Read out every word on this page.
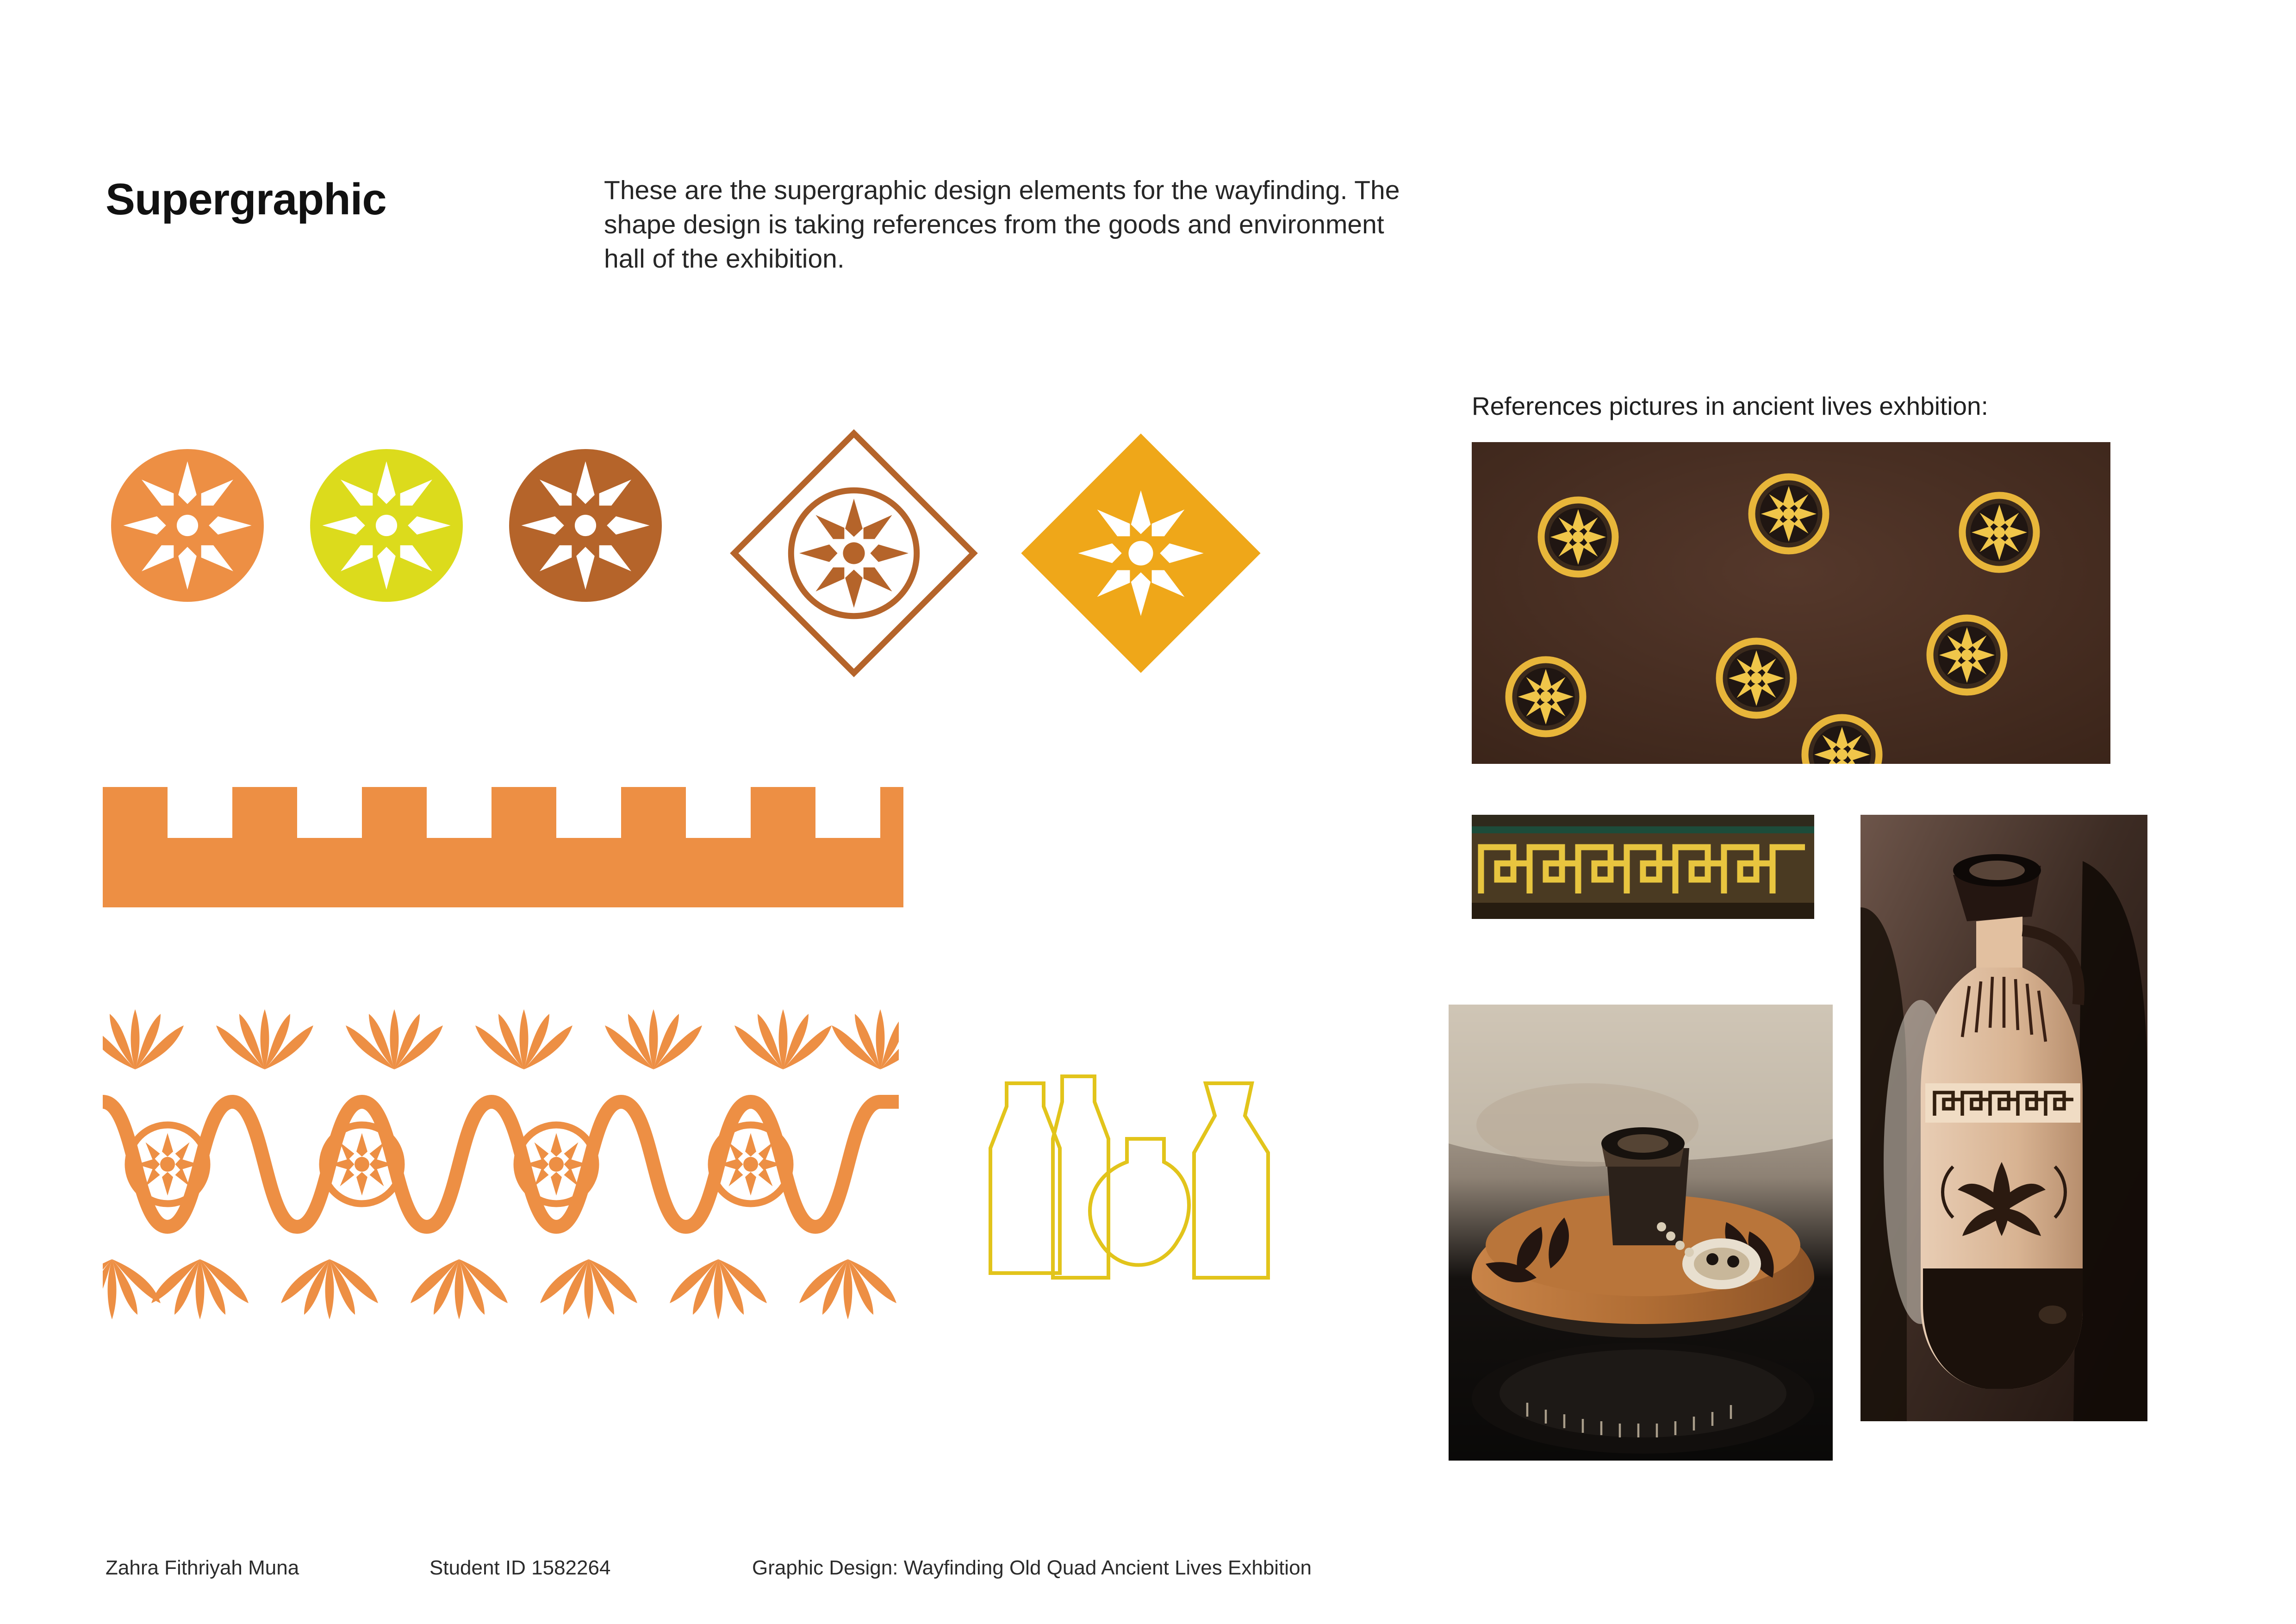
Supergraphic	These are the supergraphic design elements for the wayfinding. The shape design is taking references from the goods and environment hall of the exhibition.
References pictures in ancient lives exhbition:
Zahra Fithriyah Muna	Student ID 1582264	Graphic Design: Wayfinding Old Quad Ancient Lives Exhbition
